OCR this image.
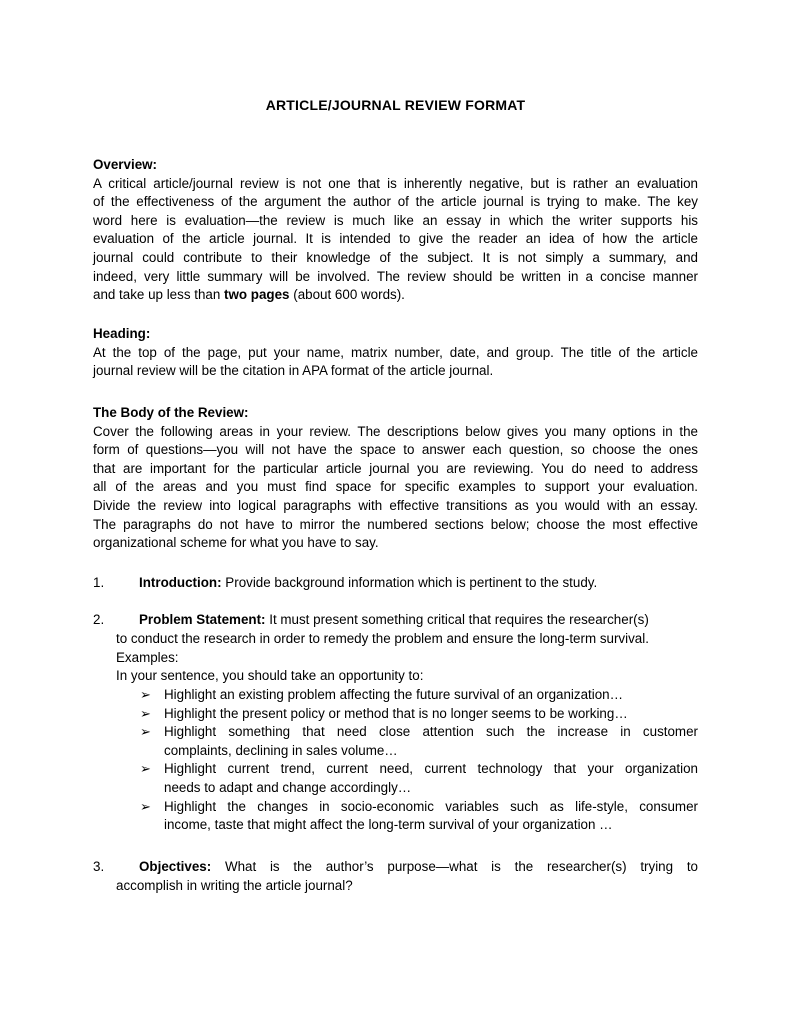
ARTICLE/JOURNAL REVIEW FORMAT
Overview:
A critical article/journal review is not one that is inherently negative, but is rather an evaluation
of the effectiveness of the argument the author of the article journal is trying to make. The key
word here is evaluation—the review is much like an essay in which the writer supports his
evaluation of the article journal. It is intended to give the reader an idea of how the article
journal could contribute to their knowledge of the subject. It is not simply a summary, and
indeed, very little summary will be involved. The review should be written in a concise manner
and take up less than two pages (about 600 words).
Heading:
At the top of the page, put your name, matrix number, date, and group. The title of the article
journal review will be the citation in APA format of the article journal.
The Body of the Review:
Cover the following areas in your review. The descriptions below gives you many options in the
form of questions—you will not have the space to answer each question, so choose the ones
that are important for the particular article journal you are reviewing. You do need to address
all of the areas and you must find space for specific examples to support your evaluation.
Divide the review into logical paragraphs with effective transitions as you would with an essay.
The paragraphs do not have to mirror the numbered sections below; choose the most effective
organizational scheme for what you have to say.
1.	Introduction: Provide background information which is pertinent to the study.
2.	Problem Statement: It must present something critical that requires the researcher(s)
to conduct the research in order to remedy the problem and ensure the long-term survival.
Examples:
In your sentence, you should take an opportunity to:
➢ Highlight an existing problem affecting the future survival of an organization…
➢ Highlight the present policy or method that is no longer seems to be working…
➢ Highlight something that need close attention such the increase in customer
complaints, declining in sales volume…
➢ Highlight current trend, current need, current technology that your organization
needs to adapt and change accordingly…
➢ Highlight the changes in socio-economic variables such as life-style, consumer
income, taste that might affect the long-term survival of your organization …
3.	Objectives: What is the author’s purpose—what is the researcher(s) trying to
accomplish in writing the article journal?
